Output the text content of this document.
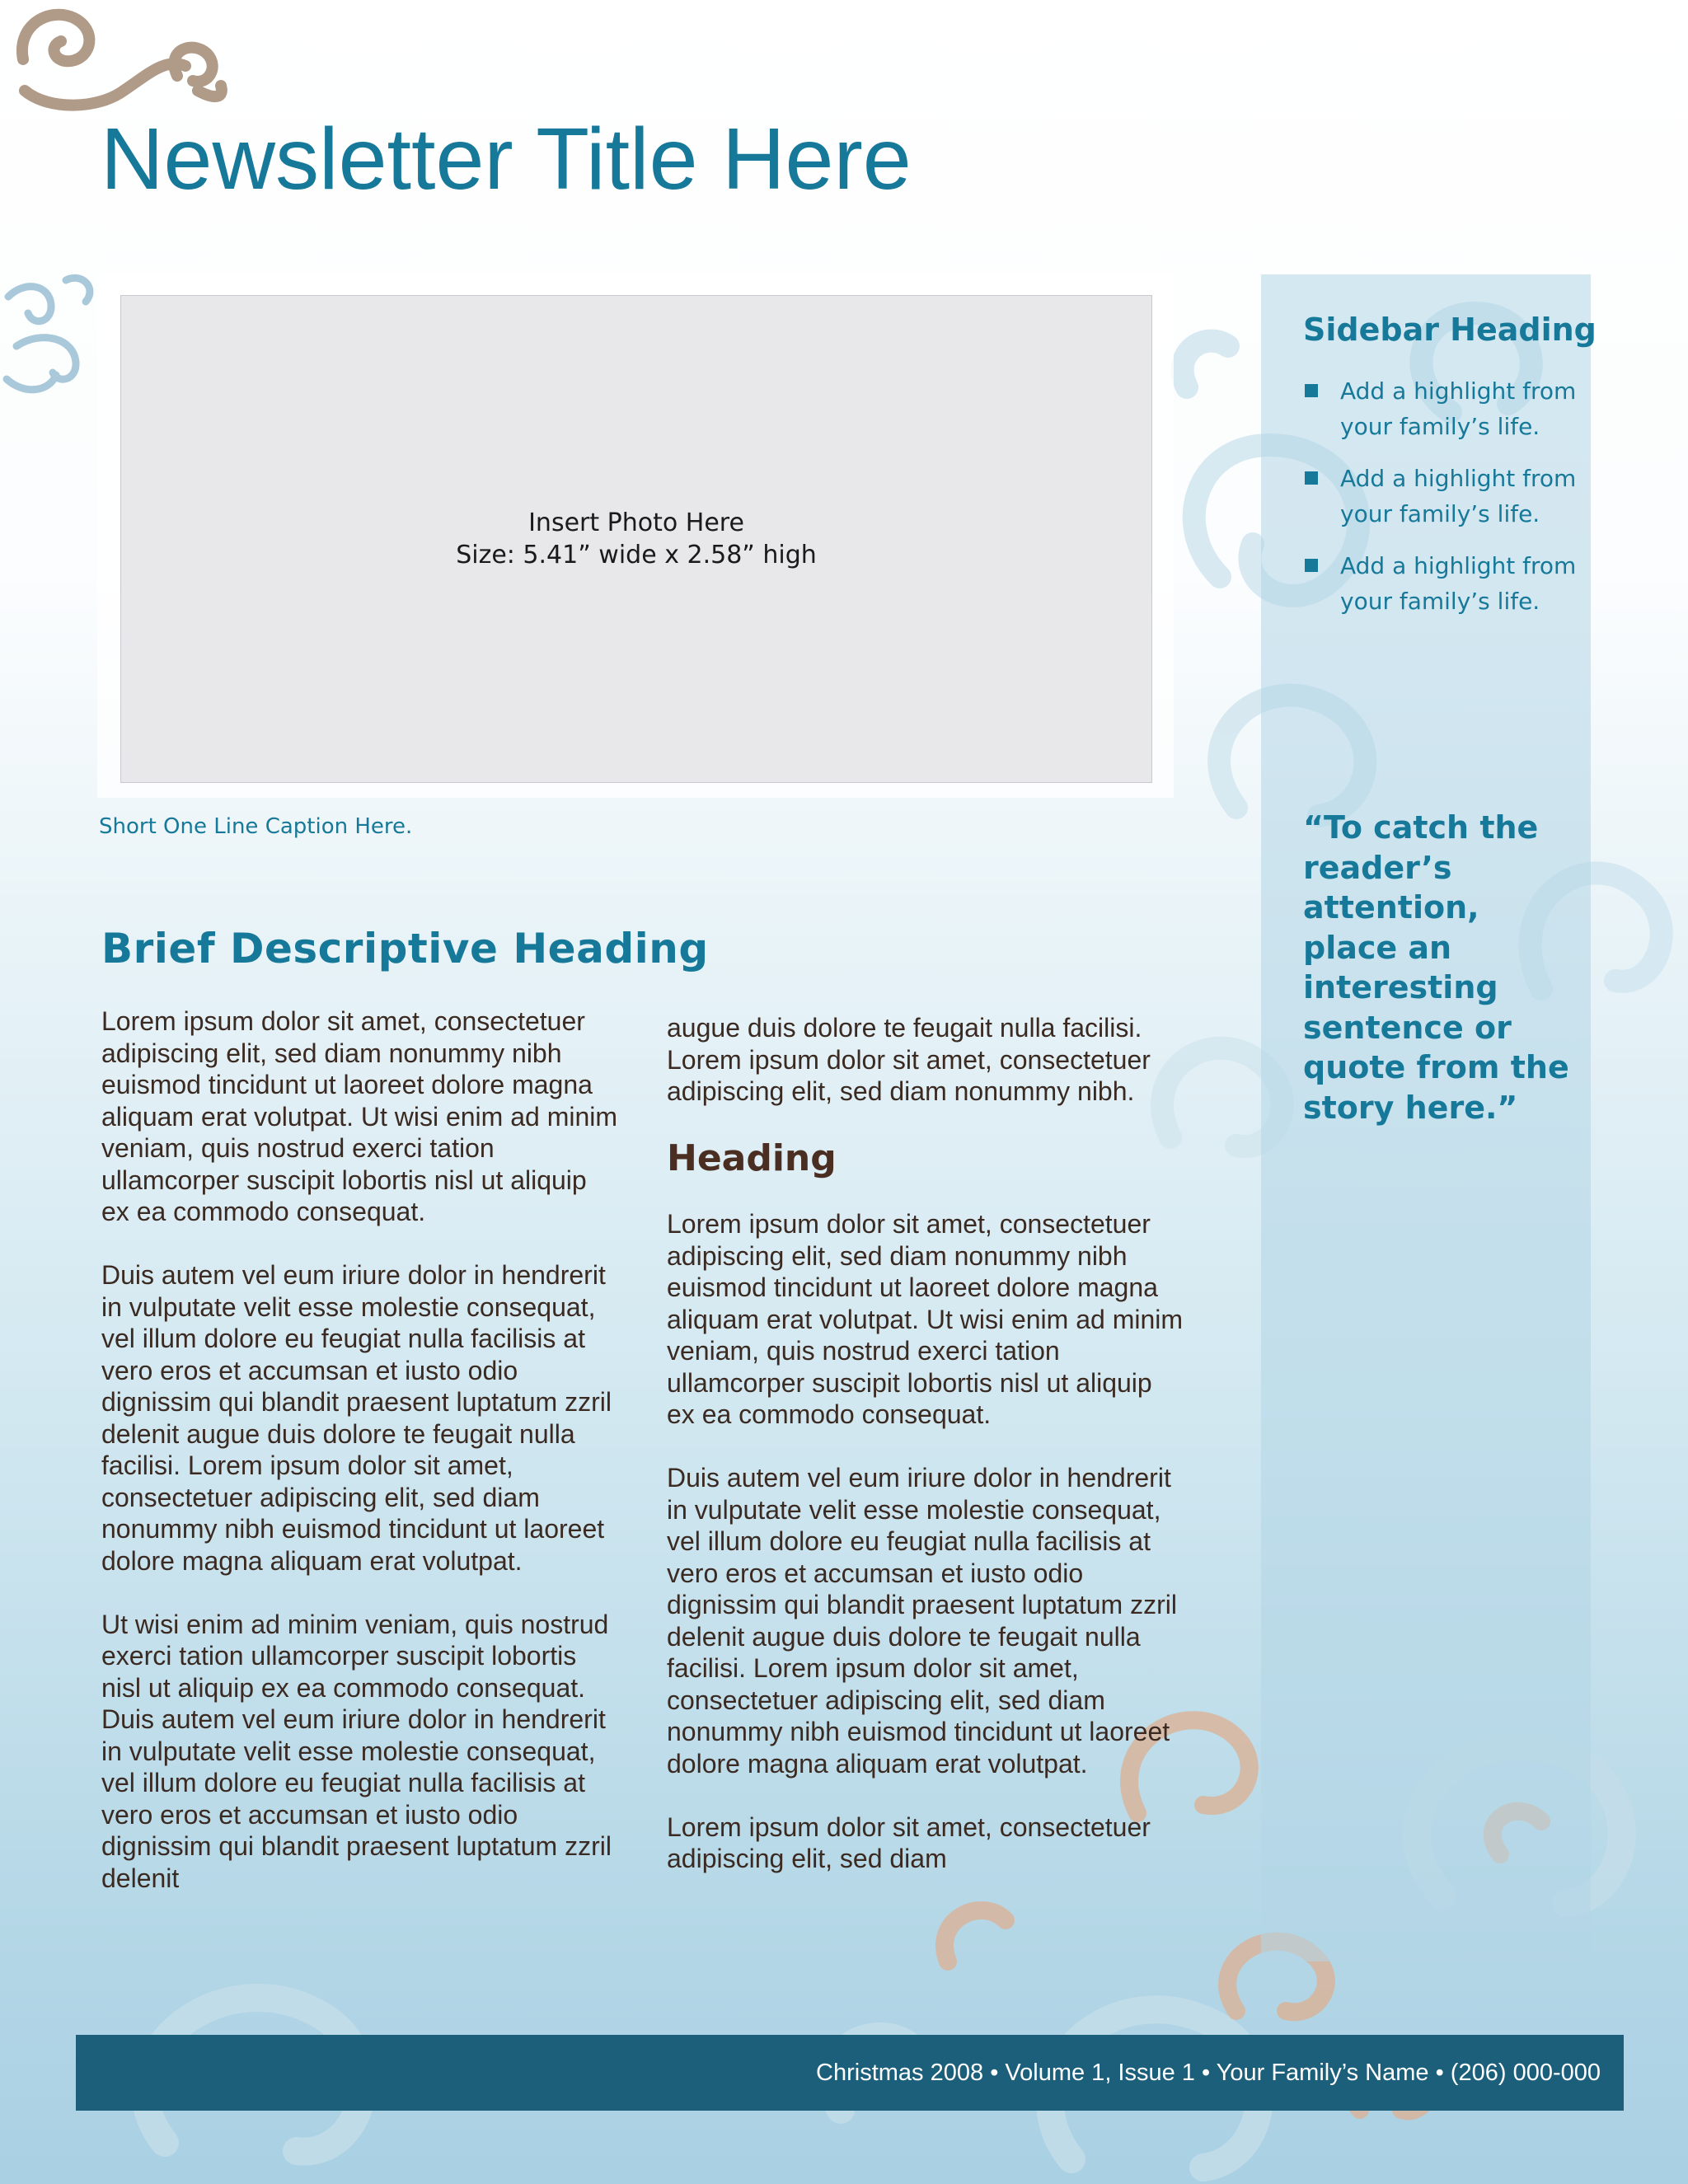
Newsletter Title Here
Insert Photo Here
Size: 5.41” wide x 2.58” high
Short One Line Caption Here.
Brief Descriptive Heading

Lorem ipsum dolor sit amet, consectetuer adipiscing elit, sed diam nonummy nibh euismod tincidunt ut laoreet dolore magna aliquam erat volutpat. Ut wisi enim ad minim veniam, quis nostrud exerci tation ullamcorper suscipit lobortis nisl ut aliquip ex ea commodo consequat.

Duis autem vel eum iriure dolor in hendrerit in vulputate velit esse molestie consequat, vel illum dolore eu feugiat nulla facilisis at vero eros et accumsan et iusto odio dignissim qui blandit praesent luptatum zzril delenit augue duis dolore te feugait nulla facilisi. Lorem ipsum dolor sit amet, consectetuer adipiscing elit, sed diam nonummy nibh euismod tincidunt ut laoreet dolore magna aliquam erat volutpat.

Ut wisi enim ad minim veniam, quis nostrud exerci tation ullamcorper suscipit lobortis nisl ut aliquip ex ea commodo consequat. Duis autem vel eum iriure dolor in hendrerit in vulputate velit esse molestie consequat, vel illum dolore eu feugiat nulla facilisis at vero eros et accumsan et iusto odio dignissim qui blandit praesent luptatum zzril delenit

augue duis dolore te feugait nulla facilisi. Lorem ipsum dolor sit amet, consectetuer adipiscing elit, sed diam nonummy nibh.

Heading

Lorem ipsum dolor sit amet, consectetuer adipiscing elit, sed diam nonummy nibh euismod tincidunt ut laoreet dolore magna aliquam erat volutpat. Ut wisi enim ad minim veniam, quis nostrud exerci tation ullamcorper suscipit lobortis nisl ut aliquip ex ea commodo consequat.

Duis autem vel eum iriure dolor in hendrerit in vulputate velit esse molestie consequat, vel illum dolore eu feugiat nulla facilisis at vero eros et accumsan et iusto odio dignissim qui blandit praesent luptatum zzril delenit augue duis dolore te feugait nulla facilisi. Lorem ipsum dolor sit amet, consectetuer adipiscing elit, sed diam nonummy nibh euismod tincidunt ut laoreet dolore magna aliquam erat volutpat.

Lorem ipsum dolor sit amet, consectetuer adipiscing elit, sed diam

Sidebar Heading
Add a highlight from your family’s life.
Add a highlight from your family’s life.
Add a highlight from your family’s life.

“To catch the reader’s attention, place an interesting sentence or quote from the story here.”

Christmas 2008 • Volume 1, Issue 1 • Your Family’s Name • (206) 000-000
